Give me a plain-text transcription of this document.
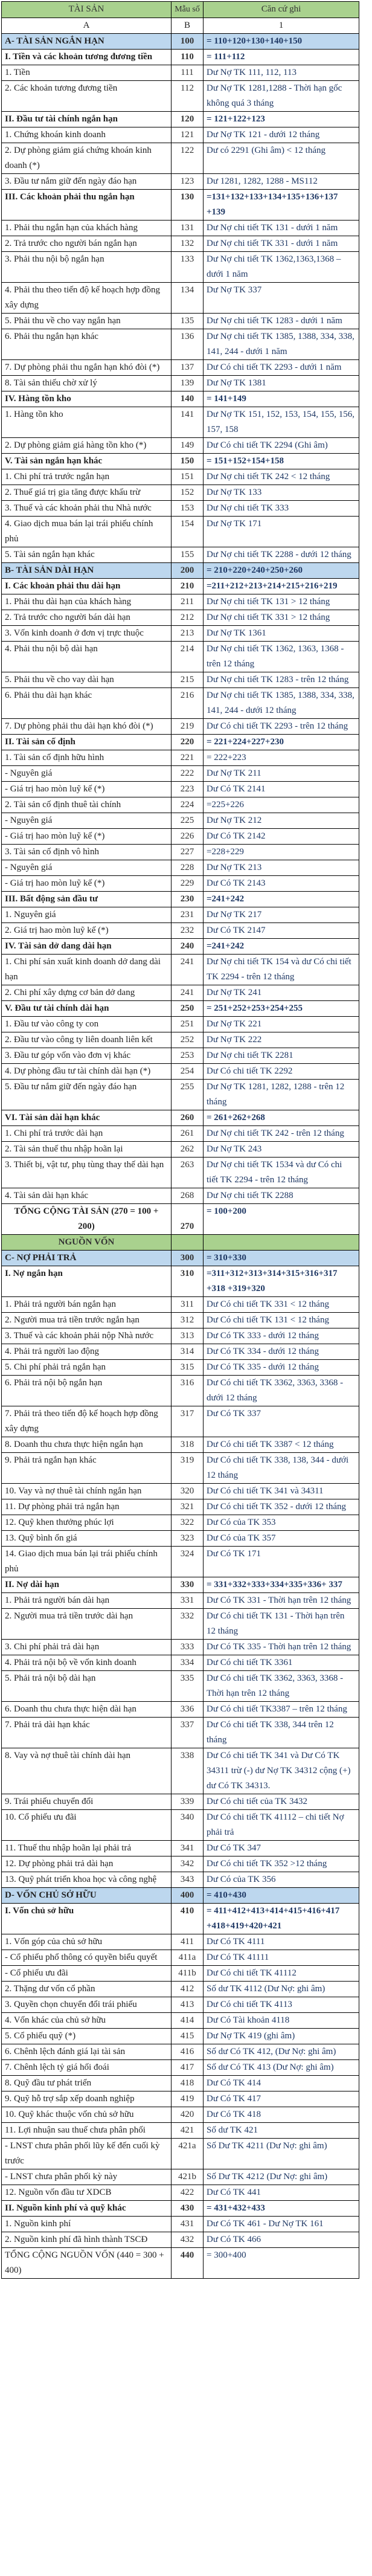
TÀI SẢN	Mẫu số	Căn cứ ghi
A	B	1
A- TÀI SẢN NGẮN HẠN	100	= 110+120+130+140+150
I. Tiền và các khoản tương đương tiền	110	= 111+112
1. Tiền	111	Dư Nợ TK 111, 112, 113
2. Các khoản tương đương tiền	112	Dư Nợ TK 1281,1288 - Thời hạn gốc không quá 3 tháng
II. Đầu tư tài chính ngắn hạn	120	= 121+122+123
1. Chứng khoán kinh doanh	121	Dư Nợ TK 121 - dưới 12 tháng
2. Dự phòng giảm giá chứng khoán kinh doanh (*)	122	Dư có 2291 (Ghi âm) < 12 tháng
3. Đầu tư nắm giữ đến ngày đáo hạn	123	Dư 1281, 1282, 1288 - MS112
III. Các khoản phải thu ngắn hạn	130	=131+132+133+134+135+136+137 +139
1. Phải thu ngắn hạn của khách hàng	131	Dư Nợ chi tiết TK 131 - dưới 1 năm
2. Trả trước cho người bán ngắn hạn	132	Dư Nợ chi tiết TK 331 - dưới 1 năm
3. Phải thu nội bộ ngắn hạn	133	Dư Nợ chi tiết TK 1362,1363,1368 – dưới 1 năm
4. Phải thu theo tiến độ kế hoạch hợp đồng xây dựng	134	Dư Nợ TK 337
5. Phải thu về cho vay ngắn hạn	135	Dư Nợ chi tiết TK 1283 - dưới 1 năm
6. Phải thu ngắn hạn khác	136	Dư Nợ chi tiết TK 1385, 1388, 334, 338, 141, 244 - dưới 1 năm
7. Dự phòng phải thu ngắn hạn khó đòi (*)	137	Dư Có chi tiết TK 2293 - dưới 1 năm
8. Tài sản thiếu chờ xử lý	139	Dư Nợ TK 1381
IV. Hàng tồn kho	140	= 141+149
1. Hàng tồn kho	141	Dư Nợ TK 151, 152, 153, 154, 155, 156, 157, 158
2. Dự phòng giảm giá hàng tồn kho (*)	149	Dư Có chi tiết TK 2294 (Ghi âm)
V. Tài sản ngắn hạn khác	150	= 151+152+154+158
1. Chi phí trả trước ngắn hạn	151	Dư Nợ chi tiết TK 242 < 12 tháng
2. Thuế giá trị gia tăng được khấu trừ	152	Dư Nợ TK 133
3. Thuế và các khoản phải thu Nhà nước	153	Dư Nợ chi tiết TK 333
4. Giao dịch mua bán lại trái phiếu chính phủ	154	Dư Nợ TK 171
5. Tài sản ngắn hạn khác	155	Dư Nợ chi tiết TK 2288 - dưới 12 tháng
B- TÀI SẢN DÀI HẠN	200	= 210+220+240+250+260
I. Các khoản phải thu dài hạn	210	=211+212+213+214+215+216+219
1. Phải thu dài hạn của khách hàng	211	Dư Nợ chi tiết TK 131 > 12 tháng
2. Trả trước cho người bán dài hạn	212	Dư Nợ chi tiết TK 331 > 12 tháng
3. Vốn kinh doanh ở đơn vị trực thuộc	213	Dư Nợ TK 1361
4. Phải thu nội bộ dài hạn	214	Dư Nợ chi tiết TK 1362, 1363, 1368 - trên 12 tháng
5. Phải thu về cho vay dài hạn	215	Dư Nợ chi tiết TK 1283 - trên 12 tháng
6. Phải thu dài hạn khác	216	Dư Nợ chi tiết TK 1385, 1388, 334, 338, 141, 244 - dưới 12 tháng
7. Dự phòng phải thu dài hạn khó đòi (*)	219	Dư Có chi tiết TK 2293 - trên 12 tháng
II. Tài sản cố định	220	= 221+224+227+230
1. Tài sản cố định hữu hình	221	= 222+223
- Nguyên giá	222	Dư Nợ TK 211
- Giá trị hao mòn luỹ kế (*)	223	Dư Có TK 2141
2. Tài sản cố định thuê tài chính	224	=225+226
- Nguyên giá	225	Dư Nợ TK 212
- Giá trị hao mòn luỹ kế (*)	226	Dư Có TK 2142
3. Tài sản cố định vô hình	227	=228+229
- Nguyên giá	228	Dư Nợ TK 213
- Giá trị hao mòn luỹ kế (*)	229	Dư Có TK 2143
III. Bất động sản đầu tư	230	=241+242
1. Nguyên giá	231	Dư Nợ TK 217
2. Giá trị hao mòn luỹ kế (*)	232	Dư Có TK 2147
IV. Tài sản dở dang dài hạn	240	=241+242
1. Chi phí sản xuất kinh doanh dở dang dài hạn	241	Dư Nợ chi tiết TK 154 và dư Có chi tiết TK 2294 - trên 12 tháng
2. Chi phí xây dựng cơ bản dở dang	241	Dư Nợ TK 241
V. Đầu tư tài chính dài hạn	250	= 251+252+253+254+255
1. Đầu tư vào công ty con	251	Dư Nợ TK 221
2. Đầu tư vào công ty liên doanh liên kết	252	Dư Nợ TK 222
3. Đầu tư góp vốn vào đơn vị khác	253	Dư Nợ chi tiết TK 2281
4. Dự phòng đầu tư tài chính dài hạn (*)	254	Dư Có chi tiết TK 2292
5. Đầu tư nắm giữ đến ngày đáo hạn	255	Dư Nợ TK 1281, 1282, 1288 - trên 12 tháng
VI. Tài sản dài hạn khác	260	= 261+262+268
1. Chi phí trả trước dài hạn	261	Dư Nợ chi tiết TK 242 - trên 12 tháng
2. Tài sản thuế thu nhập hoãn lại	262	Dư Nợ TK 243
3. Thiết bị, vật tư, phụ tùng thay thế dài hạn	263	Dư Nợ chi tiết TK 1534 và dư Có chi tiết TK 2294 - trên 12 tháng
4. Tài sản dài hạn khác	268	Dư Nợ chi tiết TK 2288
TỔNG CỘNG TÀI SẢN (270 = 100 + 200)	270	= 100+200
NGUỒN VỐN		
C- NỢ PHẢI TRẢ	300	= 310+330
I. Nợ ngắn hạn	310	=311+312+313+314+315+316+317 +318 +319+320
1. Phải trả người bán ngắn hạn	311	Dư Có chi tiết TK 331 < 12 tháng
2. Người mua trả tiền trước ngắn hạn	312	Dư Có chi tiết TK 131 < 12 tháng
3. Thuế và các khoản phải nộp Nhà nước	313	Dư Có TK 333 - dưới 12 tháng
4. Phải trả người lao động	314	Dư Có TK 334 - dưới 12 tháng
5. Chi phí phải trả ngắn hạn	315	Dư Có TK 335 - dưới 12 tháng
6. Phải trả nội bộ ngắn hạn	316	Dư Có chi tiết TK 3362, 3363, 3368 - dưới 12 tháng
7. Phải trả theo tiến độ kế hoạch hợp đồng xây dựng	317	Dư Có TK 337
8. Doanh thu chưa thực hiện ngắn hạn	318	Dư Có chi tiết TK 3387 < 12 tháng
9. Phải trả ngắn hạn khác	319	Dư Có chi tiết TK 338, 138, 344 - dưới 12 tháng
10. Vay và nợ thuê tài chính ngắn hạn	320	Dư Có chi tiết TK 341 và 34311
11. Dự phòng phải trả ngắn hạn	321	Dư Có chi tiết TK 352 - dưới 12 tháng
12. Quỹ khen thưởng phúc lợi	322	Dư Có của TK 353
13. Quỹ bình ổn giá	323	Dư Có của TK 357
14. Giao dịch mua bán lại trái phiếu chính phủ	324	Dư Có TK 171
II. Nợ dài hạn	330	= 331+332+333+334+335+336+ 337
1. Phải trả người bán dài hạn	331	Dư Có TK 331 - Thời hạn trên 12 tháng
2. Người mua trả tiền trước dài hạn	332	Dư Có chi tiết TK 131 - Thời hạn trên 12 tháng
3. Chi phí phải trả dài hạn	333	Dư Có TK 335 - Thời hạn trên 12 tháng
4. Phải trả nội bộ về vốn kinh doanh	334	Dư Có chi tiết TK 3361
5. Phải trả nội bộ dài hạn	335	Dư Có chi tiết TK 3362, 3363, 3368 - Thời hạn trên 12 tháng
6. Doanh thu chưa thực hiện dài hạn	336	Dư Có chi tiết TK3387 – trên 12 tháng
7. Phải trả dài hạn khác	337	Dư Có chi tiết TK 338, 344 trên 12 tháng
8. Vay và nợ thuê tài chính dài hạn	338	Dư Có chi tiết TK 341 và Dư Có TK 34311 trừ (-) dư Nợ TK 34312 cộng (+) dư Có TK 34313.
9. Trái phiếu chuyển đổi	339	Dư Có chi tiết của TK 3432
10. Cổ phiếu ưu đãi	340	Dư Có chi tiết TK 41112 – chi tiết Nợ phải trả
11. Thuế thu nhập hoãn lại phải trả	341	Dư Có TK 347
12. Dự phòng phải trả dài hạn	342	Dư Có chi tiết TK 352 >12 tháng
13. Quỹ phát triển khoa học và công nghệ	343	Dư Có của TK 356
D- VỐN CHỦ SỞ HỮU	400	= 410+430
I. Vốn chủ sở hữu	410	= 411+412+413+414+415+416+417 +418+419+420+421
1. Vốn góp của chủ sở hữu	411	Dư Có TK 4111
- Cổ phiếu phổ thông có quyền biểu quyết	411a	Dư Có TK 41111
- Cổ phiếu ưu đãi	411b	Dư Có chi tiết TK 41112
2. Thặng dư vốn cổ phần	412	Số dư TK 4112 (Dư Nợ: ghi âm)
3. Quyền chọn chuyển đổi trái phiếu	413	Dư Có chi tiết TK 4113
4. Vốn khác của chủ sở hữu	414	Dư Có Tài khoản 4118
5. Cổ phiếu quỹ (*)	415	Dư Nợ TK 419 (ghi âm)
6. Chênh lệch đánh giá lại tài sản	416	Số dư Có TK 412, (Dư Nợ: ghi âm)
7. Chênh lệch tỷ giá hối đoái	417	Số dư Có TK 413 (Dư Nợ: ghi âm)
8. Quỹ đầu tư phát triển	418	Dư Có TK 414
9. Quỹ hỗ trợ sắp xếp doanh nghiệp	419	Dư Có TK 417
10. Quỹ khác thuộc vốn chủ sở hữu	420	Dư Có TK 418
11. Lợi nhuận sau thuế chưa phân phối	421	Số dư TK 421
- LNST chưa phân phối lũy kế đến cuối kỳ trước	421a	Số Dư TK 4211 (Dư Nợ: ghi âm)
- LNST chưa phân phối kỳ này	421b	Số Dư TK 4212 (Dư Nợ: ghi âm)
12. Nguồn vốn đầu tư XDCB	422	Dư Có TK 441
II. Nguồn kinh phí và quỹ khác	430	= 431+432+433
1. Nguồn kinh phí	431	Dư Có TK 461 - Dư Nợ TK 161
2. Nguồn kinh phí đã hình thành TSCĐ	432	Dư Có TK 466
TỔNG CỘNG NGUỒN VỐN (440 = 300 + 400)	440	= 300+400
